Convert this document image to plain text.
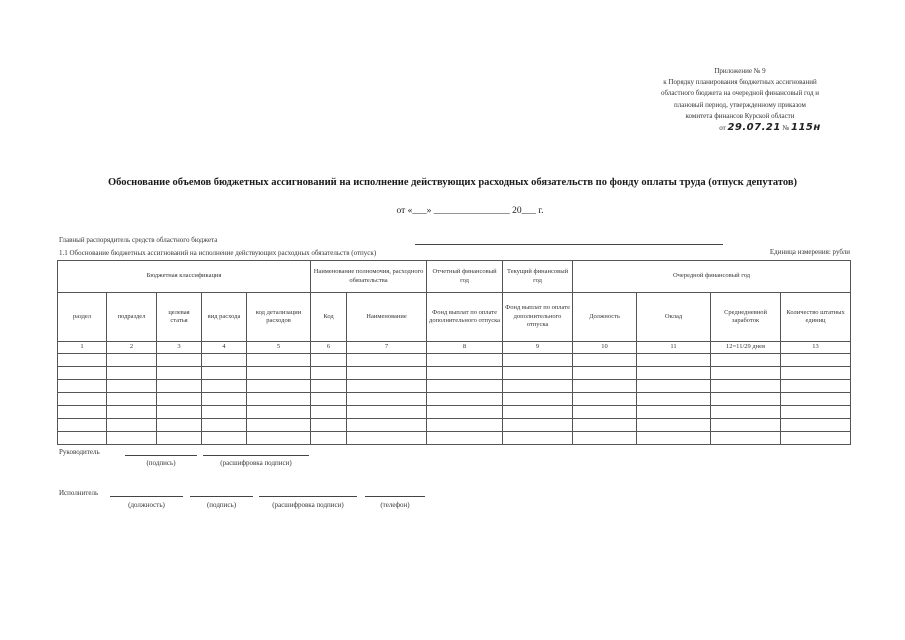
Приложение № 9
к Порядку планирования бюджетных ассигнований
областного бюджета на очередной финансовый год и
плановый период, утвержденному приказом
комитета финансов Курской области
от 29.07.21 № 115н
Обоснование объемов бюджетных ассигнований на исполнение действующих расходных обязательств по фонду оплаты труда (отпуск депутатов)
от «___» ________________ 20___ г.
Главный распорядитель средств областного бюджета
1.1 Обоснование бюджетных ассигнований на исполнение действующих расходных обязательств (отпуск)	Единица измерения: рубли
Бюджетная классификация					Наименование полномочия, расходного обязательства		Отчетный финансовый год	Текущий финансовый год	Очередной финансовый год			
раздел	подраздел	целевая статья	вид расхода	код детализации расходов	Код	Наименование	Фонд выплат по оплате дополнительного отпуска	Фонд выплат по оплате дополнительного отпуска	Должность	Оклад	Среднедневной заработок	Количество штатных единиц
1	2	3	4	5	6	7	8	9	10	11	12=11/29 днея	13

Руководитель
(подпись)	(расшифровка подписи)
Исполнитель
(должность)	(подпись)	(расшифровка подписи)	(телефон)
